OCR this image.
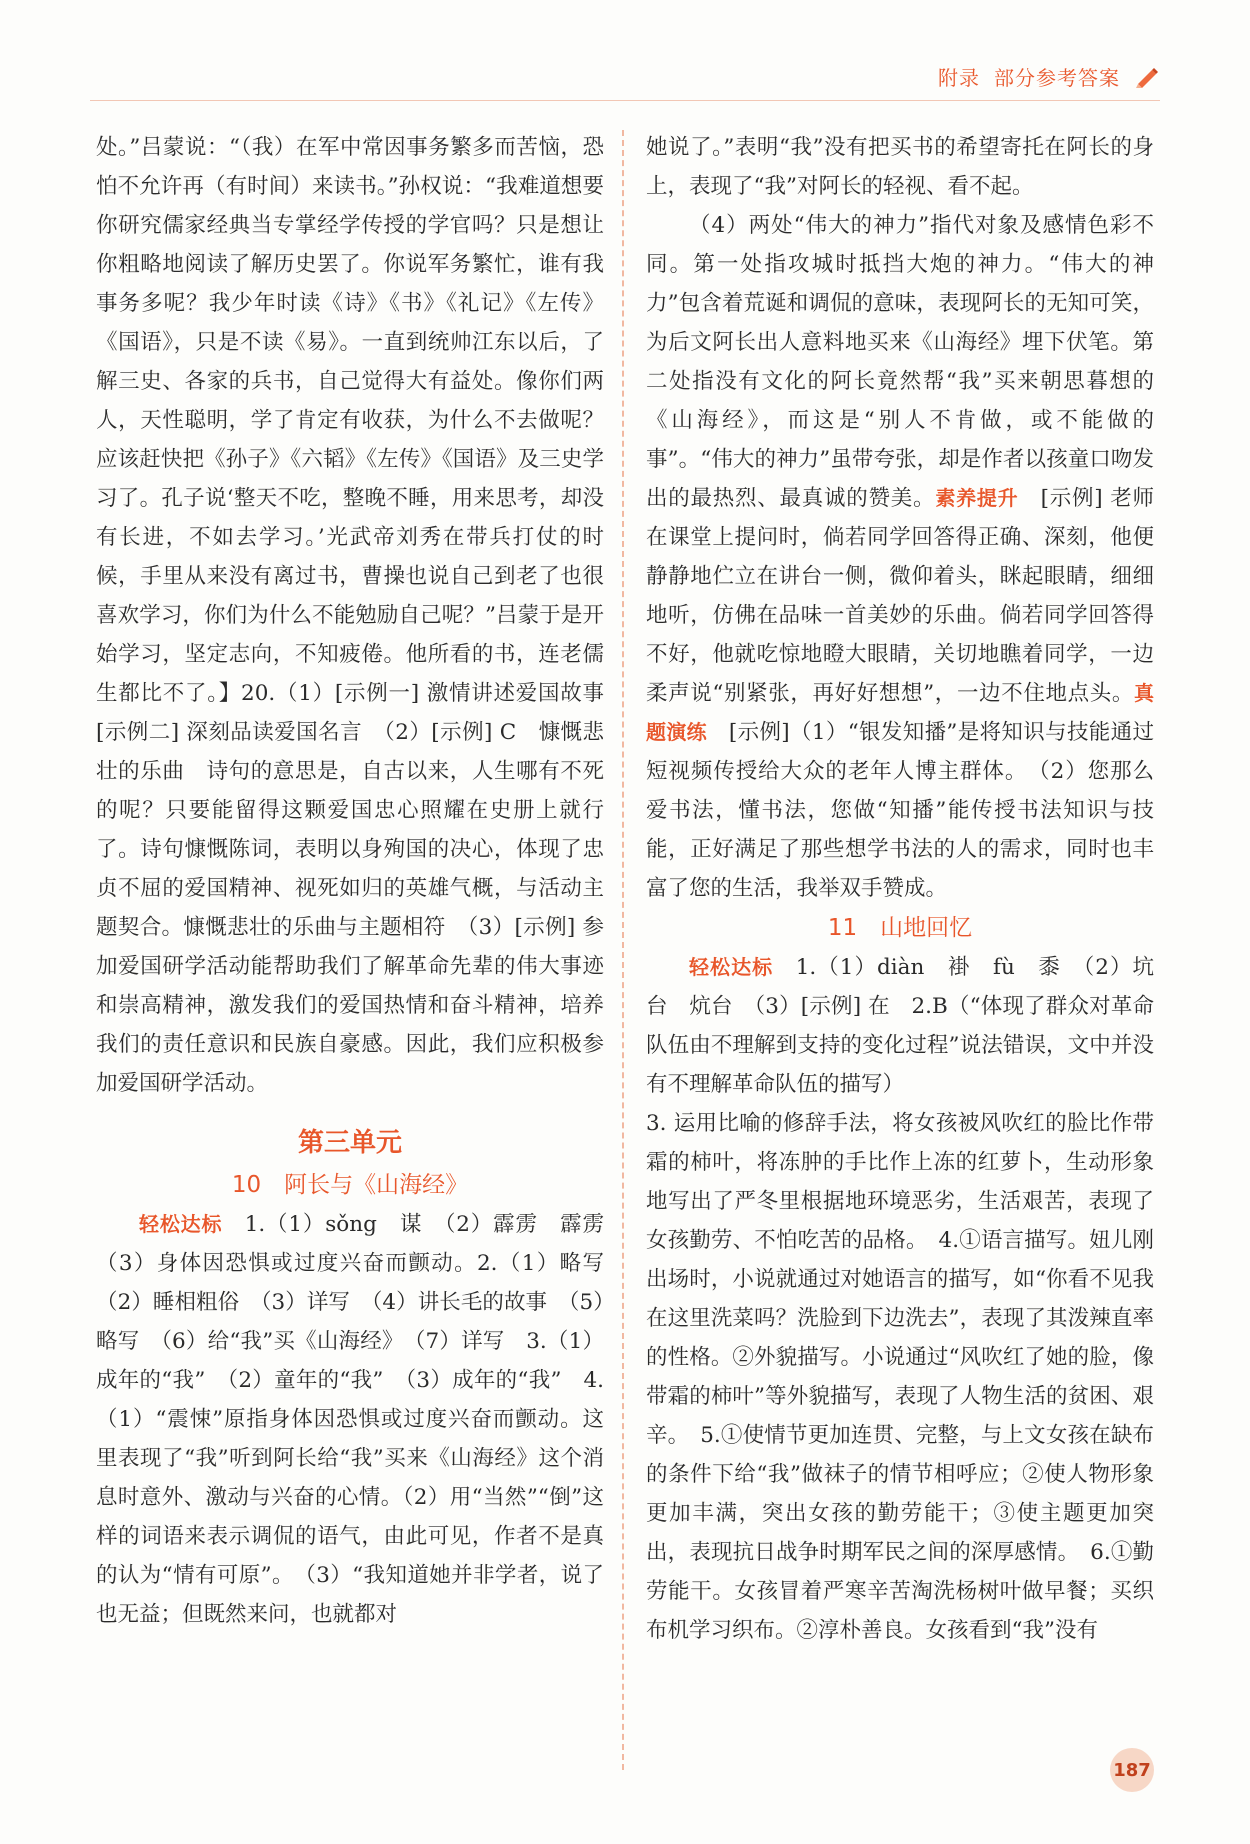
附录 部分参考答案

处。”吕蒙说：“（我）在军中常因事务繁多而苦恼，恐怕不允许再（有时间）来读书。”孙权说：“我难道想要你研究儒家经典当专掌经学传授的学官吗？只是想让你粗略地阅读了解历史罢了。你说军务繁忙，谁有我事务多呢？我少年时读《诗》《书》《礼记》《左传》《国语》，只是不读《易》。一直到统帅江东以后，了解三史、各家的兵书，自己觉得大有益处。像你们两人，天性聪明，学了肯定有收获，为什么不去做呢？应该赶快把《孙子》《六韬》《左传》《国语》及三史学习了。孔子说‘整天不吃，整晚不睡，用来思考，却没有长进，不如去学习。’光武帝刘秀在带兵打仗的时候，手里从来没有离过书，曹操也说自己到老了也很喜欢学习，你们为什么不能勉励自己呢？”吕蒙于是开始学习，坚定志向，不知疲倦。他所看的书，连老儒生都比不了。】20.（1）[示例一] 激情讲述爱国故事　[示例二] 深刻品读爱国名言　（2）[示例] C　慷慨悲壮的乐曲　诗句的意思是，自古以来，人生哪有不死的呢？只要能留得这颗爱国忠心照耀在史册上就行了。诗句慷慨陈词，表明以身殉国的决心，体现了忠贞不屈的爱国精神、视死如归的英雄气概，与活动主题契合。慷慨悲壮的乐曲与主题相符　（3）[示例] 参加爱国研学活动能帮助我们了解革命先辈的伟大事迹和崇高精神，激发我们的爱国热情和奋斗精神，培养我们的责任意识和民族自豪感。因此，我们应积极参加爱国研学活动。

第三单元
10　阿长与《山海经》

轻松达标　 1.（1）sǒng　谋　（2）霹雳　霹雳　（3）身体因恐惧或过度兴奋而颤动。2.（1）略写　（2）睡相粗俗　（3）详写　（4）讲长毛的故事　（5）略写　（6）给“我”买《山海经》　（7）详写　3.（1）成年的“我”　（2）童年的“我”　（3）成年的“我”　4.（1）“震悚”原指身体因恐惧或过度兴奋而颤动。这里表现了“我”听到阿长给“我”买来《山海经》这个消息时意外、激动与兴奋的心情。（2）用“当然”“倒”这样的词语来表示调侃的语气，由此可见，作者不是真的认为“情有可原”。　（3）“我知道她并非学者，说了也无益；但既然来问，也就都对

她说了。”表明“我”没有把买书的希望寄托在阿长的身上，表现了“我”对阿长的轻视、看不起。

（4）两处“伟大的神力”指代对象及感情色彩不同。第一处指攻城时抵挡大炮的神力。“伟大的神力”包含着荒诞和调侃的意味，表现阿长的无知可笑，为后文阿长出人意料地买来《山海经》埋下伏笔。第二处指没有文化的阿长竟然帮“我”买来朝思暮想的《山海经》，而这是“别人不肯做，或不能做的事”。“伟大的神力”虽带夸张，却是作者以孩童口吻发出的最热烈、最真诚的赞美。素养提升　 [示例] 老师在课堂上提问时，倘若同学回答得正确、深刻，他便静静地伫立在讲台一侧，微仰着头，眯起眼睛，细细地听，仿佛在品味一首美妙的乐曲。倘若同学回答得不好，他就吃惊地瞪大眼睛，关切地瞧着同学，一边柔声说“别紧张，再好好想想”，一边不住地点头。真题演练　 [示例]（1）“银发知播”是将知识与技能通过短视频传授给大众的老年人博主群体。　（2）您那么爱书法，懂书法，您做“知播”能传授书法知识与技能，正好满足了那些想学书法的人的需求，同时也丰富了您的生活，我举双手赞成。

11　山地回忆

轻松达标　 1.（1）diàn　褂　fù　黍　（2）坑台　炕台　（3）[示例] 在　2.B（“体现了群众对革命队伍由不理解到支持的变化过程”说法错误，文中并没有不理解革命队伍的描写）

3. 运用比喻的修辞手法，将女孩被风吹红的脸比作带霜的柿叶，将冻肿的手比作上冻的红萝卜，生动形象地写出了严冬里根据地环境恶劣，生活艰苦，表现了女孩勤劳、不怕吃苦的品格。　4.①语言描写。妞儿刚出场时，小说就通过对她语言的描写，如“你看不见我在这里洗菜吗？洗脸到下边洗去”，表现了其泼辣直率的性格。②外貌描写。小说通过“风吹红了她的脸，像带霜的柿叶”等外貌描写，表现了人物生活的贫困、艰辛。　5.①使情节更加连贯、完整，与上文女孩在缺布的条件下给“我”做袜子的情节相呼应；②使人物形象更加丰满，突出女孩的勤劳能干；③使主题更加突出，表现抗日战争时期军民之间的深厚感情。　6.①勤劳能干。女孩冒着严寒辛苦淘洗杨树叶做早餐；买织布机学习织布。②淳朴善良。女孩看到“我”没有

187
